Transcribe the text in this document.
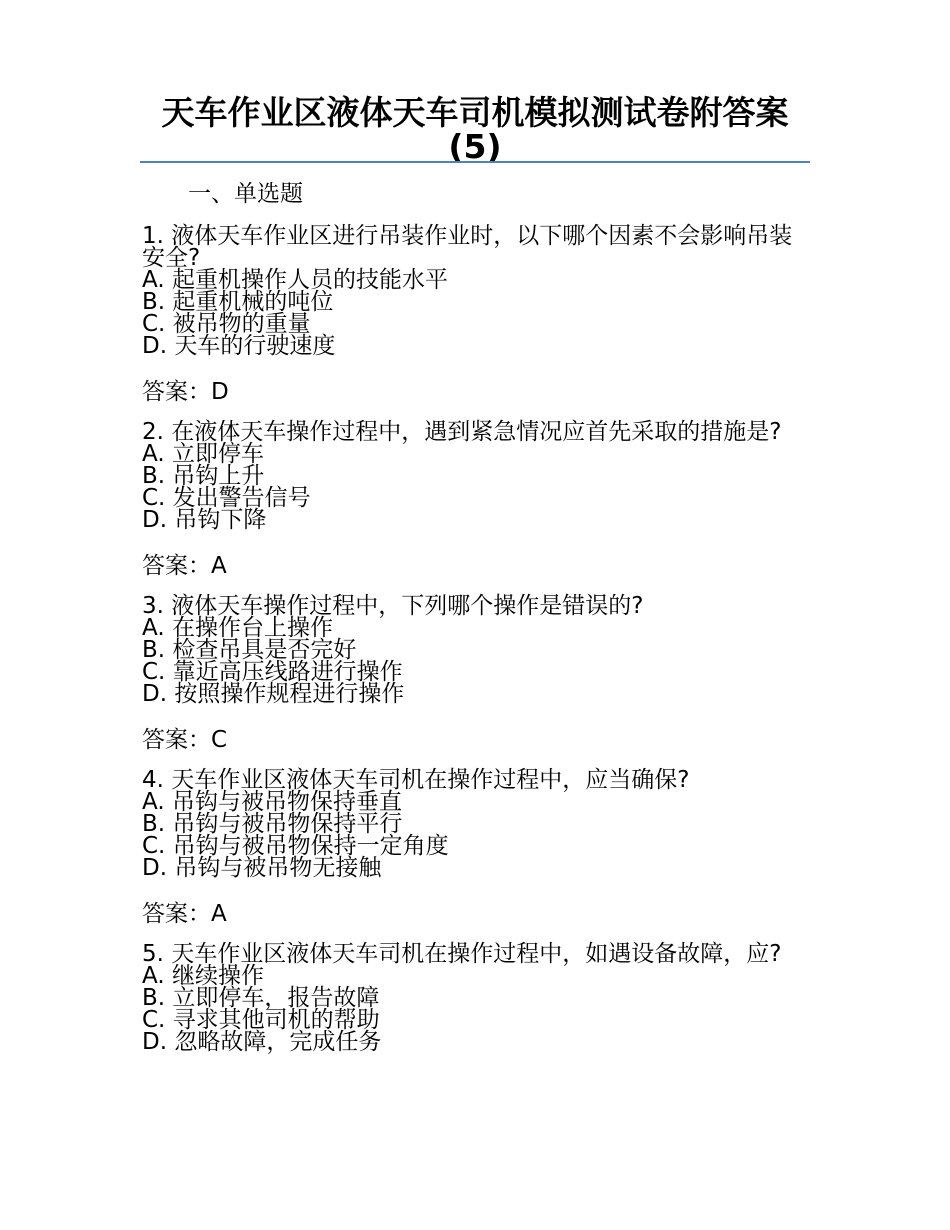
天车作业区液体天车司机模拟测试卷附答案(5)
一、单选题
1. 液体天车作业区进行吊装作业时，以下哪个因素不会影响吊装安全?
A. 起重机操作人员的技能水平
B. 起重机械的吨位
C. 被吊物的重量
D. 天车的行驶速度
答案：D
2. 在液体天车操作过程中，遇到紧急情况应首先采取的措施是?
A. 立即停车
B. 吊钩上升
C. 发出警告信号
D. 吊钩下降
答案：A
3. 液体天车操作过程中，下列哪个操作是错误的?
A. 在操作台上操作
B. 检查吊具是否完好
C. 靠近高压线路进行操作
D. 按照操作规程进行操作
答案：C
4. 天车作业区液体天车司机在操作过程中，应当确保?
A. 吊钩与被吊物保持垂直
B. 吊钩与被吊物保持平行
C. 吊钩与被吊物保持一定角度
D. 吊钩与被吊物无接触
答案：A
5. 天车作业区液体天车司机在操作过程中，如遇设备故障，应?
A. 继续操作
B. 立即停车，报告故障
C. 寻求其他司机的帮助
D. 忽略故障，完成任务
